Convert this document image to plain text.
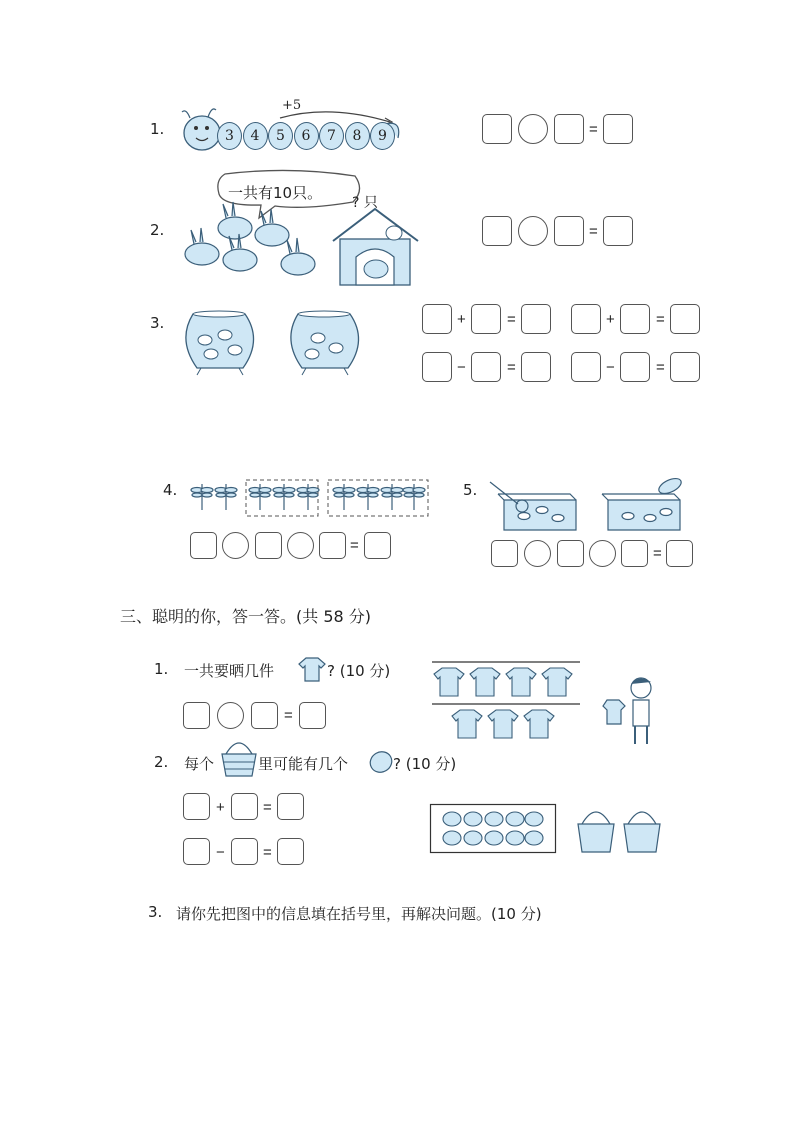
1.	3	4	5	6	7	8	9
+5
=
2.
一共有10只。
? 只
=
3.	+	=	+	=
−	=	−	=
4.
=
5.
=
三、聪明的你，答一答。(共 58 分)
1. 一共要晒几件	? (10 分)
=
2. 每个	里可能有几个	? (10 分)
+	=
−	=
3. 请你先把图中的信息填在括号里，再解决问题。(10 分)
